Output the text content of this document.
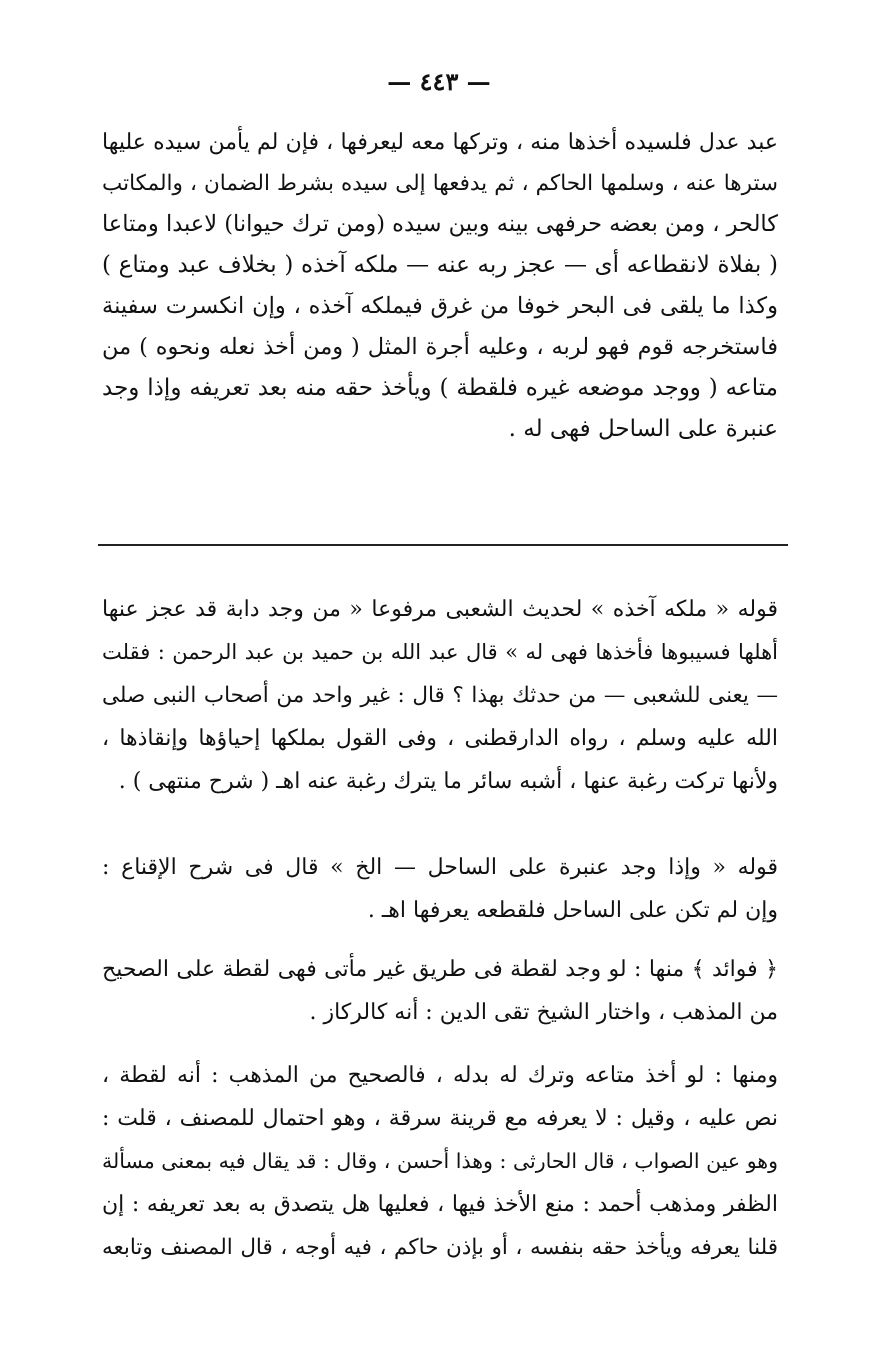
— ٤٤٣ —
عبد عدل فلسيده أخذها منه ، وتركها معه ليعرفها ، فإن لم يأمن سيده عليها
سترها عنه ، وسلمها الحاكم ، ثم يدفعها إلى سيده بشرط الضمان ، والمكاتب
كالحر ، ومن بعضه حرفهى بينه وبين سيده (ومن ترك حيوانا) لاعبدا ومتاعا
( بفلاة لانقطاعه أى — عجز ربه عنه — ملكه آخذه ( بخلاف عبد ومتاع )
وكذا ما يلقى فى البحر خوفا من غرق فيملكه آخذه ، وإن انكسرت سفينة
فاستخرجه قوم فهو لربه ، وعليه أجرة المثل ( ومن أخذ نعله ونحوه ) من
متاعه ( ووجد موضعه غيره فلقطة ) ويأخذ حقه منه بعد تعريفه وإذا وجد
عنبرة على الساحل فهى له .
قوله « ملكه آخذه » لحديث الشعبى مرفوعا « من وجد دابة قد عجز عنها
أهلها فسيبوها فأخذها فهى له » قال عبد الله بن حميد بن عبد الرحمن : فقلت
— يعنى للشعبى — من حدثك بهذا ؟ قال : غير واحد من أصحاب النبى صلى
الله عليه وسلم ، رواه الدارقطنى ، وفى القول بملكها إحياؤها وإنقاذها ،
ولأنها تركت رغبة عنها ، أشبه سائر ما يترك رغبة عنه اهـ ( شرح منتهى ) .
قوله « وإذا وجد عنبرة على الساحل — الخ » قال فى شرح الإقناع :
وإن لم تكن على الساحل فلقطعه يعرفها اهـ .
﴿ فوائد ﴾ منها : لو وجد لقطة فى طريق غير مأتى فهى لقطة على الصحيح
من المذهب ، واختار الشيخ تقى الدين : أنه كالركاز .
ومنها : لو أخذ متاعه وترك له بدله ، فالصحيح من المذهب : أنه لقطة ،
نص عليه ، وقيل : لا يعرفه مع قرينة سرقة ، وهو احتمال للمصنف ، قلت :
وهو عين الصواب ، قال الحارثى : وهذا أحسن ، وقال : قد يقال فيه بمعنى مسألة
الظفر ومذهب أحمد : منع الأخذ فيها ، فعليها هل يتصدق به بعد تعريفه : إن
قلنا يعرفه ويأخذ حقه بنفسه ، أو بإذن حاكم ، فيه أوجه ، قال المصنف وتابعه
